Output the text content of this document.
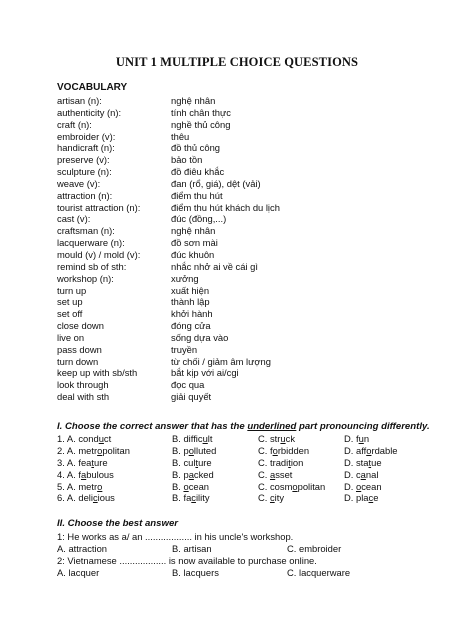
UNIT 1 MULTIPLE CHOICE QUESTIONS
VOCABULARY
artisan (n):	nghệ nhân
authenticity (n):	tính chân thực
craft (n):	nghề thủ công
embroider (v):	thêu
handicraft (n):	đồ thủ công
preserve (v):	bảo tồn
sculpture (n):	đồ điêu khắc
weave (v):	đan (rổ, giá), dệt (vải)
attraction (n):	điểm thu hút
tourist attraction (n):	điểm thu hút khách du lịch
cast (v):	đúc (đồng,...)
craftsman (n):	nghệ nhân
lacquerware (n):	đồ sơn mài
mould (v) / mold (v):	đúc khuôn
remind sb of sth:	nhắc nhở ai về cái gì
workshop (n):	xưởng
turn up	xuất hiện
set up	thành lập
set off	khởi hành
close down	đóng cửa
live on	sống dựa vào
pass down	truyền
turn down	từ chối / giảm âm lượng
keep up with sb/sth	bắt kịp với ai/cgi
look through	đọc qua
deal with sth	giải quyết
I. Choose the correct answer that has the underlined part pronouncing differently.
1. A. conduct	B. difficult	C. struck	D. fun
2. A. metropolitan	B. polluted	C. forbidden	D. affordable
3. A. feature	B. culture	C. tradition	D. statue
4. A. fabulous	B. packed	C. asset	D. canal
5. A. metro	B. ocean	C. cosmopolitan	D. ocean
6. A. delicious	B. facility	C. city	D. place
II. Choose the best answer
1: He works as a/ an .................. in his uncle's workshop.
A. attraction	B. artisan	C. embroider
2: Vietnamese .................. is now available to purchase online.
A. lacquer	B. lacquers	C. lacquerware
